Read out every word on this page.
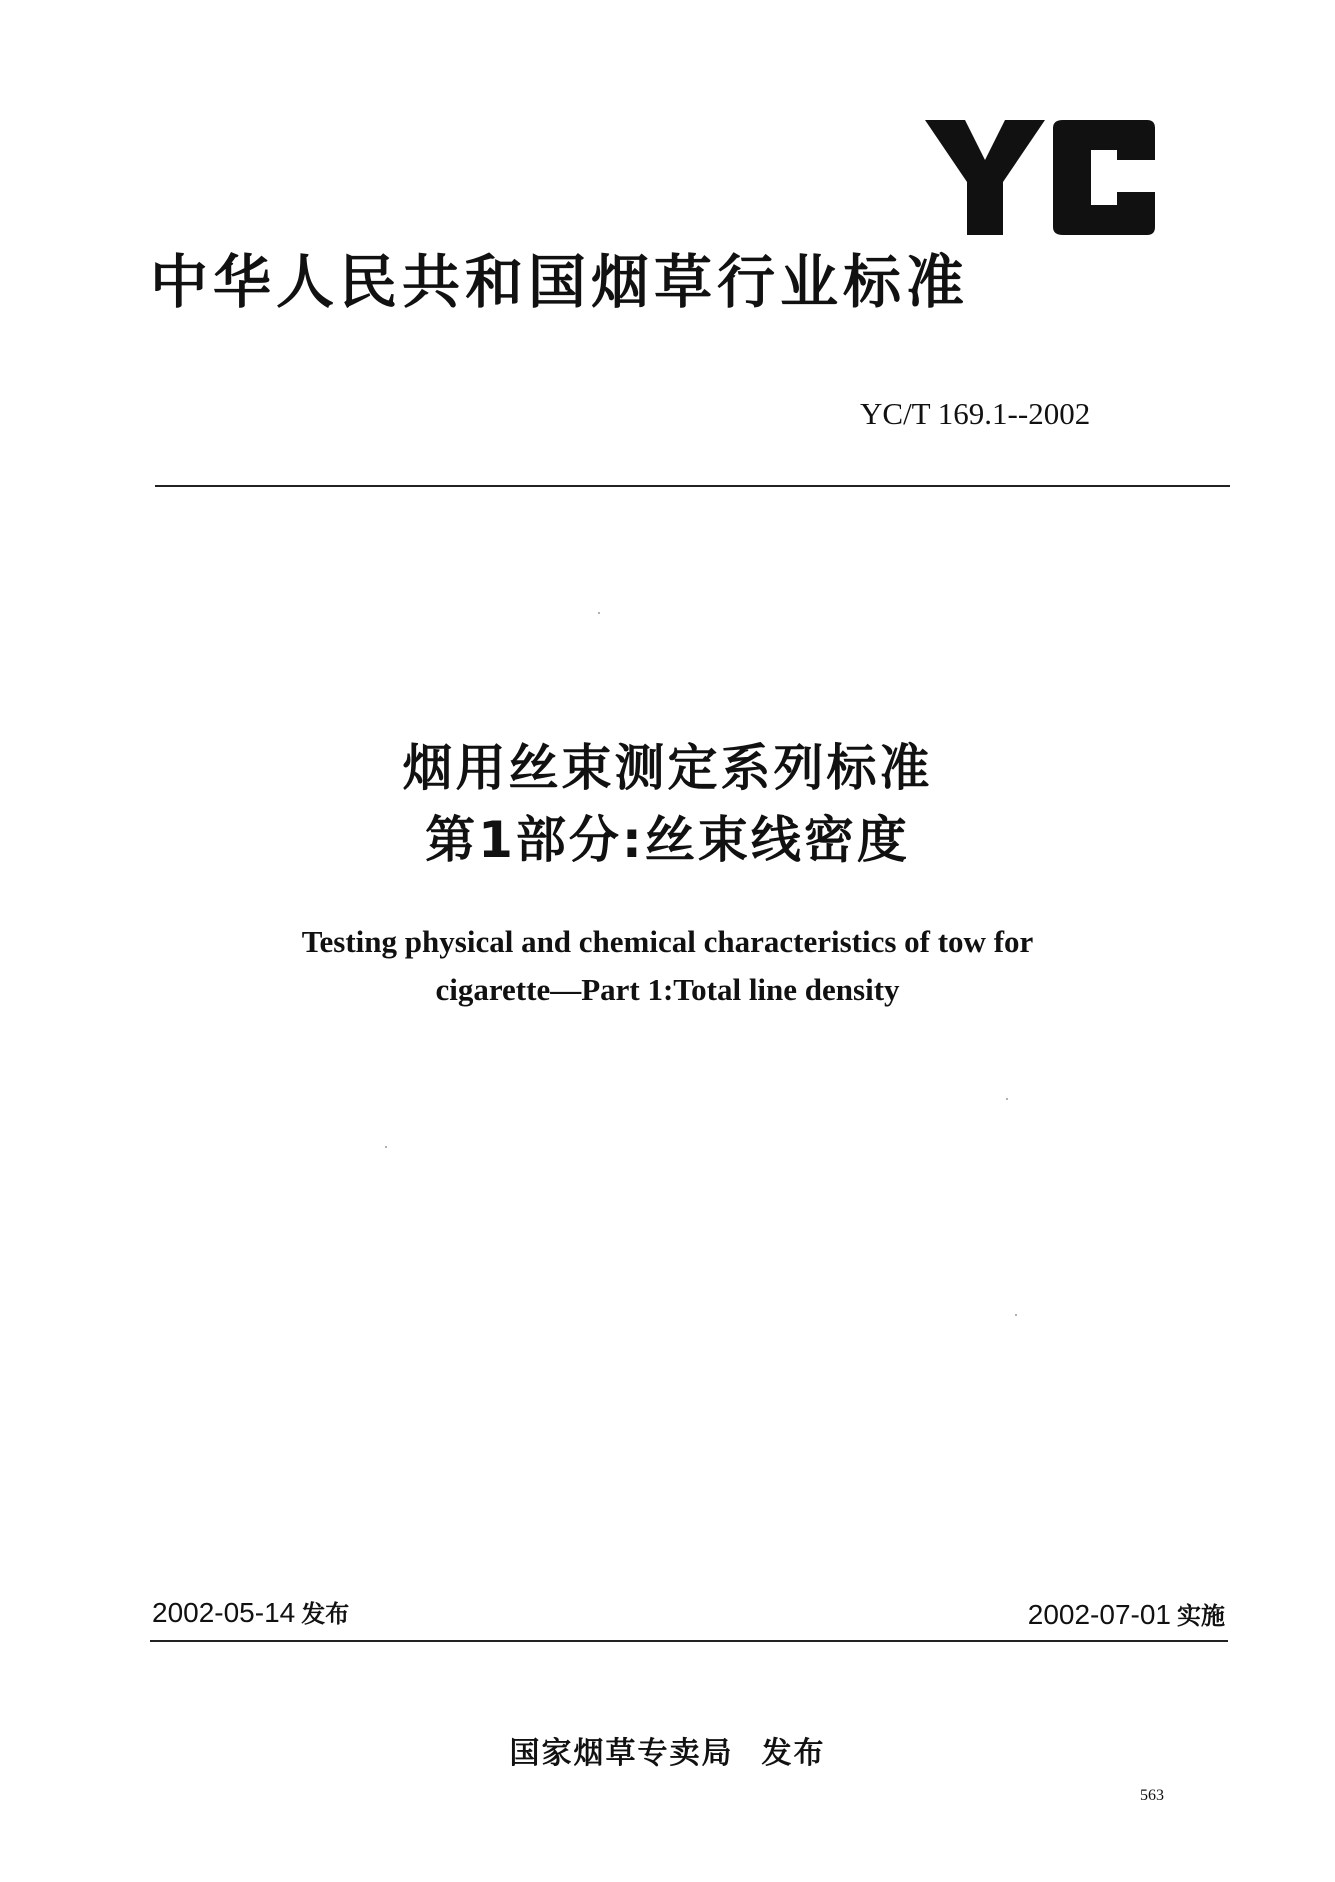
中华人民共和国烟草行业标准
YC/T 169.1--2002
烟用丝束测定系列标准
第1部分:丝束线密度
Testing physical and chemical characteristics of tow for
cigarette—Part 1:Total line density
2002-05-14 发布	2002-07-01 实施
国家烟草专卖局 发布
563
